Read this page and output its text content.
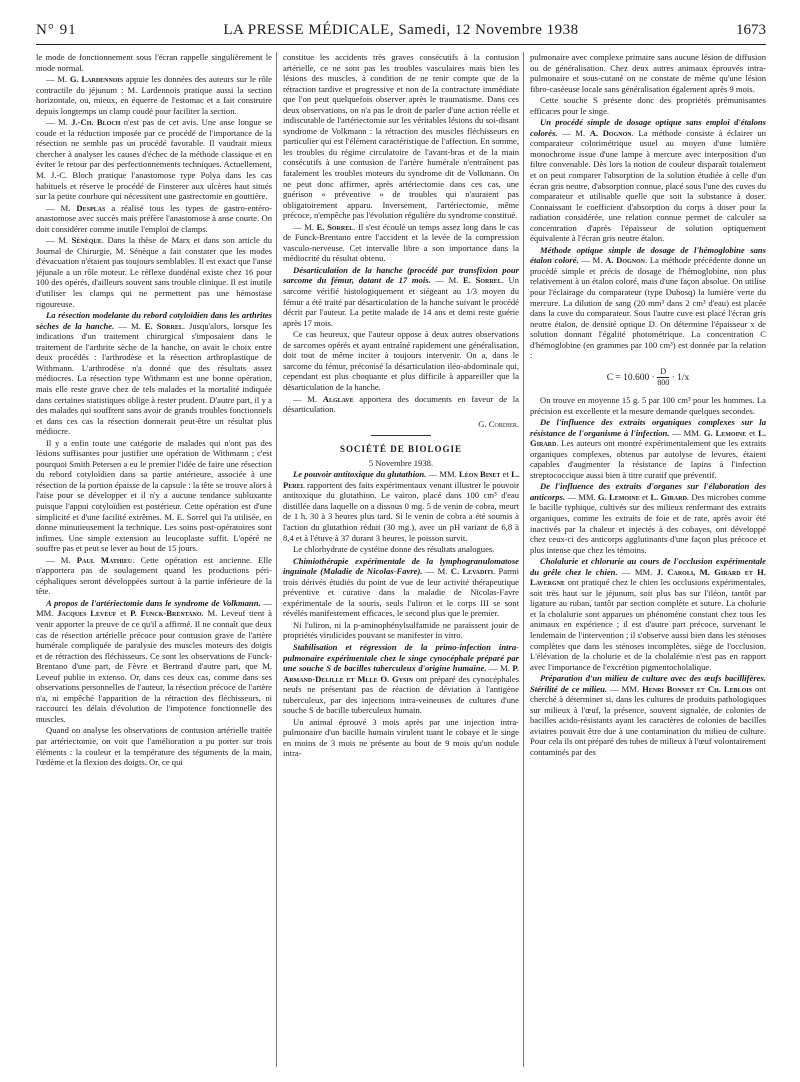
N° 91	LA PRESSE MÉDICALE, Samedi, 12 Novembre 1938	1673

le mode de fonctionnement sous l'écran rappelle singulièrement le mode normal.

— M. G. Lardennois appuie les données des auteurs sur le rôle contractile du jéjunum : M. Lardennois pratique aussi la section horizontale, ou, mieux, en équerre de l'estomac et a fait construire depuis longtemps un clamp coudé pour faciliter la section.

— M. J.-Ch. Bloch n'est pas de cet avis. Une anse longue se coude et la réduction imposée par ce procédé de l'importance de la résection ne semble pas un procédé favorable. Il vaudrait mieux chercher à analyser les causes d'échec de la méthode classique et en éviter le retour par des perfectionnements techniques. Actuellement, M. J.-C. Bloch pratique l'anastomose type Polya dans les cas habituels et réserve le procédé de Finsterer aux ulcères haut situés sur la petite courbure qui nécessitent une gastrectomie en gouttière.

— M. Desplas a réalisé tous les types de gastro-entéro-anastomose avec succès mais préfère l'anastomose à anse courte. On doit considérer comme inutile l'emploi de clamps.

— M. Sénèque. Dans la thèse de Marx et dans son article du Journal de Chirurgie, M. Sénèque a fait constater que les modes d'évacuation n'étaient pas toujours semblables. Il est exact que l'anse jéjunale a un rôle moteur. Le réflexe duodénal existe chez 16 pour 100 des opérés, d'ailleurs souvent sans trouble clinique. Il est inutile d'utiliser les clamps qui ne permettent pas une hémostase rigoureuse.

La résection modelante du rebord cotyloïdien dans les arthrites sèches de la hanche. — M. E. Sorrel. Jusqu'alors, lorsque les indications d'un traitement chirurgical s'imposaient dans le traitement de l'arthrite sèche de la hanche, on avait le choix entre deux procédés : l'arthrodèse et la résection arthroplastique de Withmann. L'arthrodèse n'a donné que des résultats assez médiocres. La résection type Withmann est une bonne opération, mais elle reste grave chez de tels malades et la mortalité indiquée dans certaines statistiques oblige à rester prudent. D'autre part, il y a des malades qui souffrent sans avoir de grands troubles fonctionnels et dans ces cas la résection donnerait peut-être un résultat plus médiocre.

Il y a enfin toute une catégorie de malades qui n'ont pas des lésions suffisantes pour justifier une opération de Withmann ; c'est pourquoi Smith Petersen a eu le premier l'idée de faire une résection du rebord cotyloïdien dans sa partie antérieure, associée à une résection de la portion épaisse de la capsule : la tête se trouve alors à l'aise pour se développer et il n'y a aucune tendance subluxante puisque l'appui cotyloïdien est postérieur. Cette opération est d'une simplicité et d'une facilité extrêmes. M. E. Sorrel qui l'a utilisée, en donne minutieusement la technique. Les soins post-opératoires sont infimes. Une simple extension au leucoplaste suffit. L'opéré ne souffre pas et peut se lever au bout de 15 jours.

— M. Paul Mathieu. Cette opération est ancienne. Elle n'apportera pas de soulagement quand les productions péri-céphaliques seront développées surtout à la partie inférieure de la tête.

A propos de l'artériectomie dans le syndrome de Volkmann. — MM. Jacques Leveuf et P. Funck-Brentano. M. Leveuf tient à venir apporter la preuve de ce qu'il a affirmé. Il ne connaît que deux cas de résection artérielle précoce pour contusion grave de l'artère humérale compliquée de paralysie des muscles moteurs des doigts et de rétraction des fléchisseurs. Ce sont les observations de Funck-Brentano d'une part, de Fèvre et Bertrand d'autre part, que M. Leveuf publie in extenso. Or, dans ces deux cas, comme dans ses observations personnelles de l'auteur, la résection précoce de l'artère n'a, ni empêché l'apparition de la rétraction des fléchisseurs, ni raccourci les délais d'évolution de l'impotence fonctionnelle des muscles.

Quand on analyse les observations de contusion artérielle traitée par artériectomie, on voit que l'amélioration a pu porter sur trois éléments : la couleur et la température des téguments de la main, l'œdème et la flexion des doigts. Or, ce qui

constitue les accidents très graves consécutifs à la contusion artérielle, ce ne sont pas les troubles vasculaires mais bien les lésions des muscles, à condition de ne tenir compte que de la rétraction tardive et progressive et non de la contracture immédiate que l'on peut quelquefois observer après le traumatisme. Dans ces deux observations, on n'a pas le droit de parler d'une action réelle et indiscutable de l'artériectomie sur les véritables lésions du soi-disant syndrome de Volkmann : la rétraction des muscles fléchisseurs en particulier qui est l'élément caractéristique de l'affection. En somme, les troubles du régime circulatoire de l'avant-bras et de la main consécutifs à une contusion de l'artère humérale n'entraînent pas fatalement les troubles moteurs du syndrome dit de Volkmann. On ne peut donc affirmer, après artériectomie dans ces cas, une guérison « préventive » de troubles qui n'auraient pas obligatoirement apparu. Inversement, l'artériectomie, même précoce, n'empêche pas l'évolution régulière du syndrome constitué.

— M. E. Sorrel. Il s'est écoulé un temps assez long dans le cas de Funck-Brentano entre l'accident et la levée de la compression vasculo-nerveuse. Cet intervalle libre a son importance dans la médiocrité du résultat obtenu.

Désarticulation de la hanche (procédé par transfixion pour sarcome du fémur, datant de 17 mois. — M. E. Sorrel. Un sarcome vérifié histologiquement et siégeant au 1/3 moyen du fémur a été traité par désarticulation de la hanche suivant le procédé décrit par l'auteur. La petite malade de 14 ans et demi reste guérie après 17 mois.

Ce cas heureux, que l'auteur oppose à deux autres observations de sarcomes opérés et ayant entraîné rapidement une généralisation, doit tout de même inciter à toujours intervenir. On a, dans le sarcome du fémur, préconisé la désarticulation iléo-abdominale qui, cependant est plus choquante et plus difficile à appareiller que la désarticulation de la hanche.

— M. Alglave apportera des documents en faveur de la désarticulation.

G. Cordier.

SOCIÉTÉ DE BIOLOGIE

5 Novembre 1938.

Le pouvoir antitoxique du glutathion. — MM. Léon Binet et L. Perel rapportent des faits expérimentaux venant illustrer le pouvoir antitoxique du glutathion. Le vairon, placé dans 100 cm³ d'eau distillée dans laquelle on a dissous 0 mg. 5 de venin de cobra, meurt de 1 h. 30 à 3 heures plus tard. Si le venin de cobra a été soumis à l'action du glutathion réduit (30 mg.), avec un pH variant de 6,8 à 8,4 et à l'étuve à 37 durant 3 heures, le poisson survit.

Le chlorhydrate de cystéine donne des résultats analogues.

Chimiothérapie expérimentale de la lymphogranulomatose inguinale (Maladie de Nicolas-Favre). — M. C. Levaditi. Parmi trois dérivés étudiés du point de vue de leur activité thérapeutique préventive et curative dans la maladie de Nicolas-Favre expérimentale de la souris, seuls l'uliron et le corps III se sont révélés manifestement efficaces, le second plus que le premier.

Ni l'uliron, ni la p-aminophénylsulfamide ne paraissent jouir de propriétés virulicides pouvant se manifester in vitro.

Stabilisation et régression de la primo-infection intra-pulmonaire expérimentale chez le singe cynocéphale préparé par une souche S de bacilles tuberculeux d'origine humaine. — M. P. Armand-Delille et Mlle O. Gysin ont préparé des cynocéphales neufs ne présentant pas de réaction de déviation à l'antigène tuberculeux, par des injections intra-veineuses de cultures d'une souche S de bacille tuberculeux humain.

Un animal éprouvé 3 mois après par une injection intra-pulmonaire d'un bacille humain virulent tuant le cobaye et le singe en moins de 3 mois ne présente au bout de 9 mois qu'un nodule intra-

pulmonaire avec complexe primaire sans aucune lésion de diffusion ou de généralisation. Chez deux autres animaux éprouvés intra-pulmonaire et sous-cutané on ne constate de même qu'une lésion fibro-caséeuse locale sans généralisation également après 9 mois.

Cette souche S présente donc des propriétés prémunisantes efficaces pour le singe.

Un procédé simple de dosage optique sans emploi d'étalons colorés. — M. A. Dognon. La méthode consiste à éclairer un comparateur colorimétrique usuel au moyen d'une lumière monochrome issue d'une lampe à mercure avec interposition d'un filtre convenable. Dès lors la notion de couleur disparaît totalement et on peut comparer l'absorption de la solution étudiée à celle d'un écran gris neutre, d'absorption connue, placé sous l'une des cuves du comparateur et utilisable quelle que soit la substance à doser. Connaissant le coefficient d'absorption du corps à doser pour la radiation considérée, une relation connue permet de calculer sa concentration d'après l'épaisseur de solution optiquement équivalente à l'écran gris neutre étalon.

Méthode optique simple de dosage de l'hémoglobine sans étalon coloré. — M. A. Dognon. La méthode précédente donne un procédé simple et précis de dosage de l'hémoglobine, non plus relativement à un étalon coloré, mais d'une façon absolue. On utilise pour l'éclairage du comparateur (type Dubosq) la lumière verte du mercure. La dilution de sang (20 mm³ dans 2 cm³ d'eau) est placée dans la cuve du comparateur. Sous l'autre cuve est placé l'écran gris neutre étalon, de densité optique D. On détermine l'épaisseur x de solution donnant l'égalité photométrique. La concentration C d'hémoglobine (en grammes par 100 cm³) est donnée par la relation :

$C = 10.600 \cdot \frac{D}{800} \cdot 1/x$

On trouve en moyenne 15 g. 5 par 100 cm³ pour les hommes. La précision est excellente et la mesure demande quelques secondes.

De l'influence des extraits organiques complexes sur la résistance de l'organisme à l'infection. — MM. G. Lemoine et L. Girard. Les auteurs ont montré expérimentalement que les extraits organiques complexes, obtenus par autolyse de levures, étaient capables d'augmenter la résistance de lapins à l'infection streptococcique aussi bien à titre curatif que préventif.

De l'influence des extraits d'organes sur l'élaboration des anticorps. — MM. G. Lemoine et L. Girard. Des microbes comme le bacille typhique, cultivés sur des milieux renfermant des extraits organiques, comme les extraits de foie et de rate, après avoir été inactivés par la chaleur et injectés à des cobayes, ont développé chez ceux-ci des anticorps agglutinants d'une façon plus précoce et plus intense que chez les témoins.

Cholalurie et chlorurie au cours de l'occlusion expérimentale du grêle chez le chien. — MM. J. Caroli, M. Girard et H. Lavergne ont pratiqué chez le chien les occlusions expérimentales, soit très haut sur le jéjunum, soit plus bas sur l'iléon, tantôt par ligature au ruban, tantôt par section complète et suture. La cholurie et la cholalurie sont apparues un phénomène constant chez tous les animaux en expérience ; il est d'autre part précoce, survenant le lendemain de l'intervention ; il s'observe aussi bien dans les sténoses complètes que dans les sténoses incomplètes, siège de l'occlusion. L'élévation de la cholurie et de la cholalémie n'est pas en rapport avec l'importance de l'excrétion pigmentocholalique.

Préparation d'un milieu de culture avec des œufs bacillifères. Stérilité de ce milieu. — MM. Henri Bonnet et Ch. Leblois ont cherché à déterminer si, dans les cultures de produits pathologiques sur milieux à l'œuf, la présence, souvent signalée, de colonies de bacilles acido-résistants ayant les caractères de colonies de bacilles aviaires pouvait être due à une contamination du milieu de culture. Pour cela ils ont préparé des tubes de milieux à l'œuf volontairement contaminés par des
